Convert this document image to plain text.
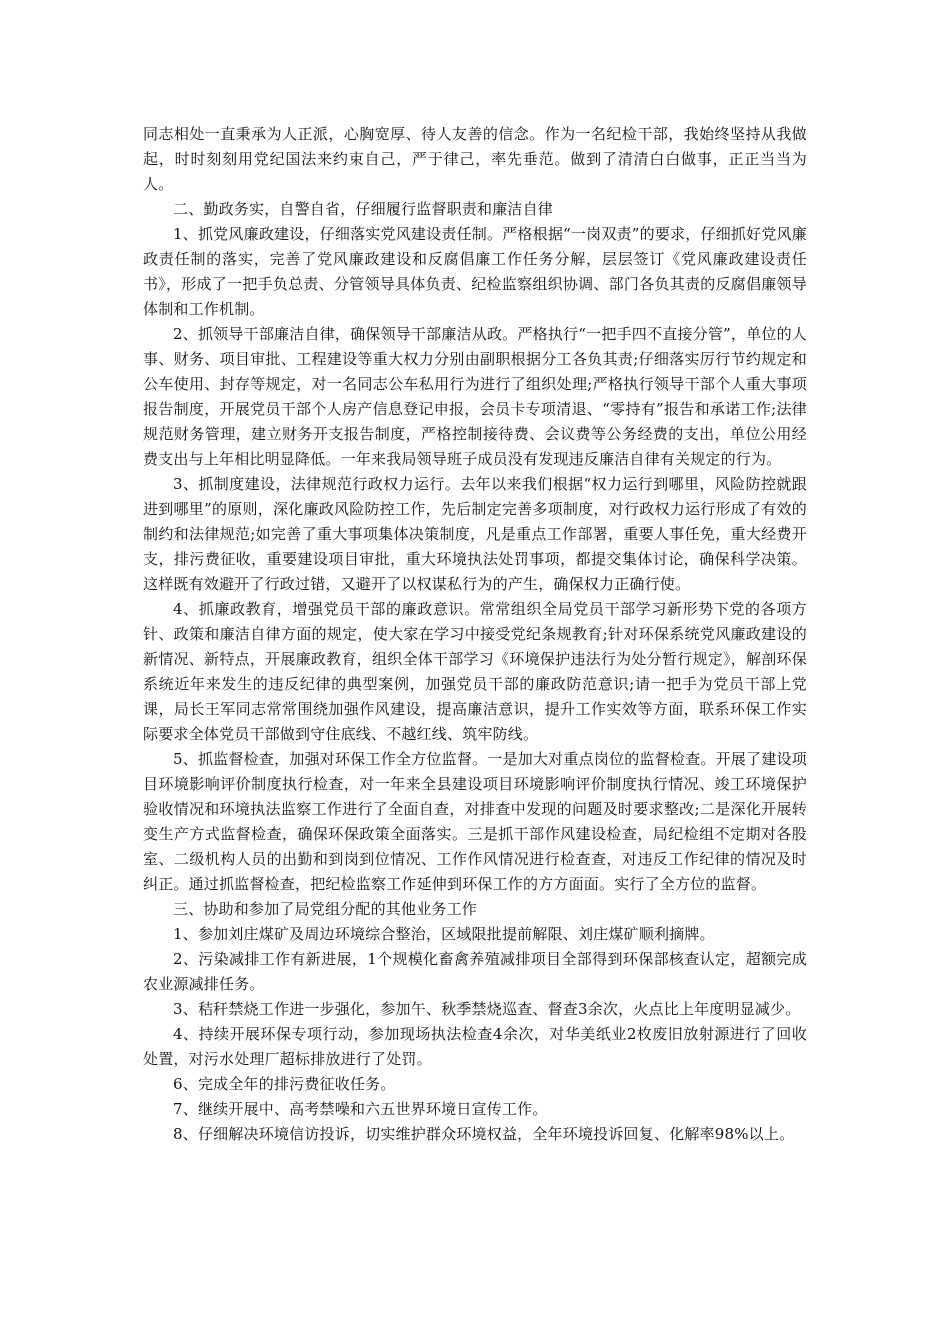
同志相处一直秉承为人正派，心胸宽厚、待人友善的信念。作为一名纪检干部，我始终坚持从我做起，时时刻刻用党纪国法来约束自己，严于律己，率先垂范。做到了清清白白做事，正正当当为人。

二、勤政务实，自警自省，仔细履行监督职责和廉洁自律

1、抓党风廉政建设，仔细落实党风建设责任制。严格根据“一岗双责”的要求，仔细抓好党风廉政责任制的落实，完善了党风廉政建设和反腐倡廉工作任务分解，层层签订《党风廉政建设责任书》，形成了一把手负总责、分管领导具体负责、纪检监察组织协调、部门各负其责的反腐倡廉领导体制和工作机制。

2、抓领导干部廉洁自律，确保领导干部廉洁从政。严格执行“一把手四不直接分管”，单位的人事、财务、项目审批、工程建设等重大权力分别由副职根据分工各负其责;仔细落实厉行节约规定和公车使用、封存等规定，对一名同志公车私用行为进行了组织处理;严格执行领导干部个人重大事项报告制度，开展党员干部个人房产信息登记申报，会员卡专项清退、“零持有”报告和承诺工作;法律规范财务管理，建立财务开支报告制度，严格控制接待费、会议费等公务经费的支出，单位公用经费支出与上年相比明显降低。一年来我局领导班子成员没有发现违反廉洁自律有关规定的行为。

3、抓制度建设，法律规范行政权力运行。去年以来我们根据“权力运行到哪里，风险防控就跟进到哪里”的原则，深化廉政风险防控工作，先后制定完善多项制度，对行政权力运行形成了有效的制约和法律规范;如完善了重大事项集体决策制度，凡是重点工作部署，重要人事任免，重大经费开支，排污费征收，重要建设项目审批，重大环境执法处罚事项，都提交集体讨论，确保科学决策。这样既有效避开了行政过错，又避开了以权谋私行为的产生，确保权力正确行使。

4、抓廉政教育，增强党员干部的廉政意识。常常组织全局党员干部学习新形势下党的各项方针、政策和廉洁自律方面的规定，使大家在学习中接受党纪条规教育;针对环保系统党风廉政建设的新情况、新特点，开展廉政教育，组织全体干部学习《环境保护违法行为处分暂行规定》，解剖环保系统近年来发生的违反纪律的典型案例，加强党员干部的廉政防范意识;请一把手为党员干部上党课，局长王军同志常常围绕加强作风建设，提高廉洁意识，提升工作实效等方面，联系环保工作实际要求全体党员干部做到守住底线、不越红线、筑牢防线。

5、抓监督检查，加强对环保工作全方位监督。一是加大对重点岗位的监督检查。开展了建设项目环境影响评价制度执行检查，对一年来全县建设项目环境影响评价制度执行情况、竣工环境保护验收情况和环境执法监察工作进行了全面自查，对排查中发现的问题及时要求整改;二是深化开展转变生产方式监督检查，确保环保政策全面落实。三是抓干部作风建设检查，局纪检组不定期对各股室、二级机构人员的出勤和到岗到位情况、工作作风情况进行检查查，对违反工作纪律的情况及时纠正。通过抓监督检查，把纪检监察工作延伸到环保工作的方方面面。实行了全方位的监督。

三、协助和参加了局党组分配的其他业务工作

1、参加刘庄煤矿及周边环境综合整治，区域限批提前解限、刘庄煤矿顺利摘牌。

2、污染减排工作有新进展，1个规模化畜禽养殖减排项目全部得到环保部核查认定，超额完成农业源减排任务。

3、秸秆禁烧工作进一步强化，参加午、秋季禁烧巡查、督查3余次，火点比上年度明显减少。

4、持续开展环保专项行动，参加现场执法检查4余次，对华美纸业2枚废旧放射源进行了回收处置，对污水处理厂超标排放进行了处罚。

6、完成全年的排污费征收任务。

7、继续开展中、高考禁噪和六五世界环境日宣传工作。

8、仔细解决环境信访投诉，切实维护群众环境权益，全年环境投诉回复、化解率98%以上。
